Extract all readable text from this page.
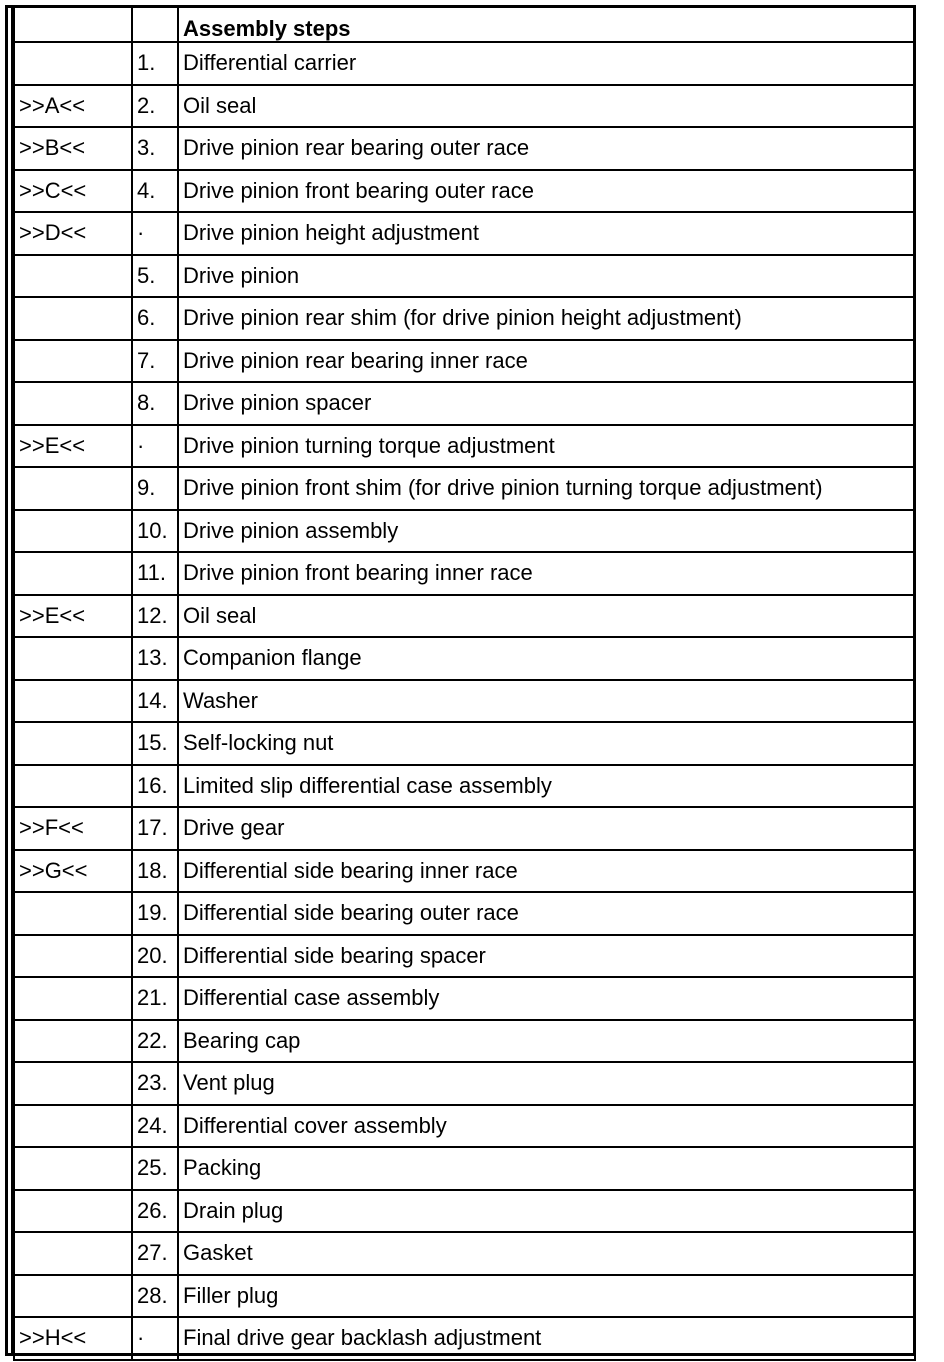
		Assembly steps
	1.	Differential carrier
>>A<<	2.	Oil seal
>>B<<	3.	Drive pinion rear bearing outer race
>>C<<	4.	Drive pinion front bearing outer race
>>D<<	·	Drive pinion height adjustment
	5.	Drive pinion
	6.	Drive pinion rear shim (for drive pinion height adjustment)
	7.	Drive pinion rear bearing inner race
	8.	Drive pinion spacer
>>E<<	·	Drive pinion turning torque adjustment
	9.	Drive pinion front shim (for drive pinion turning torque adjustment)
	10.	Drive pinion assembly
	11.	Drive pinion front bearing inner race
>>E<<	12.	Oil seal
	13.	Companion flange
	14.	Washer
	15.	Self-locking nut
	16.	Limited slip differential case assembly
>>F<<	17.	Drive gear
>>G<<	18.	Differential side bearing inner race
	19.	Differential side bearing outer race
	20.	Differential side bearing spacer
	21.	Differential case assembly
	22.	Bearing cap
	23.	Vent plug
	24.	Differential cover assembly
	25.	Packing
	26.	Drain plug
	27.	Gasket
	28.	Filler plug
>>H<<	·	Final drive gear backlash adjustment
